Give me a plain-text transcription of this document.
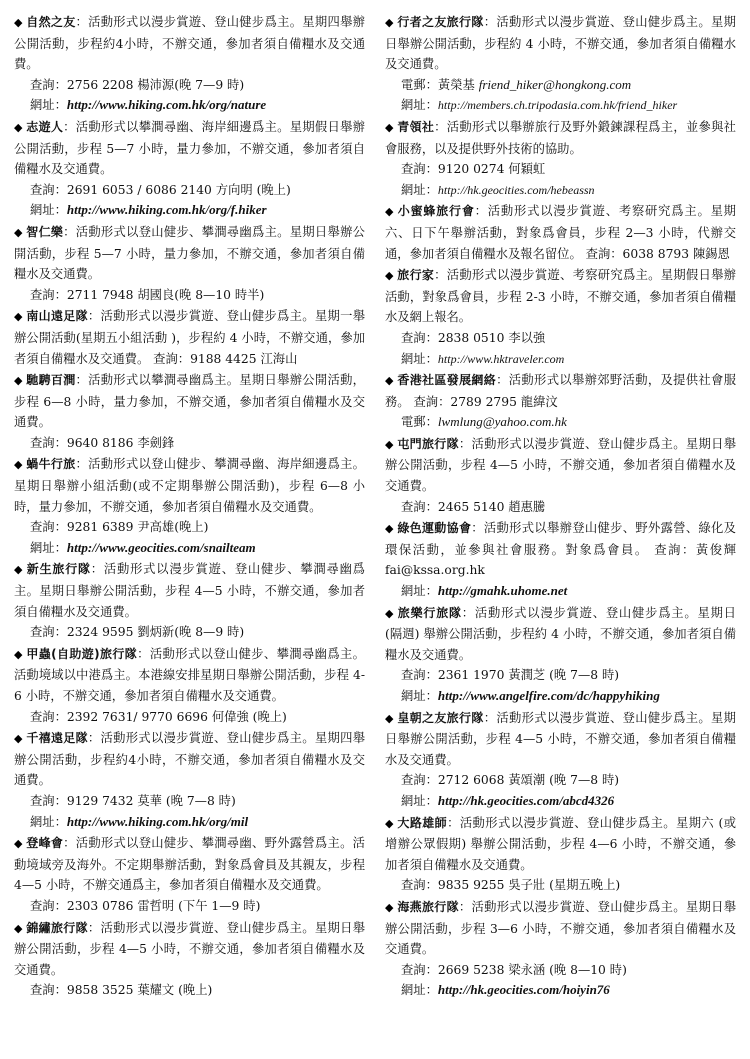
◆ 自然之友：活動形式以漫步賞遊、登山健步爲主。星期四舉辦公開活動，步程約4小時，不辦交通，參加者須自備糧水及交通費。
查詢：2756 2208 楊沛源(晚 7—9 時)
網址：http://www.hiking.com.hk/org/nature
◆ 志遊人：活動形式以攀澗尋幽、海岸細邊爲主。星期假日舉辦公開活動，步程 5—7 小時，量力參加，不辦交通，參加者須自備糧水及交通費。
查詢：2691 6053 / 6086 2140 方向明 (晚上)
網址：http://www.hiking.com.hk/org/f.hiker
◆ 智仁樂：活動形式以登山健步、攀澗尋幽爲主。星期日舉辦公開活動，步程 5—7 小時，量力參加，不辦交通，參加者須自備糧水及交通費。
查詢：2711 7948 胡國良(晚 8—10 時半)
◆ 南山遠足隊：活動形式以漫步賞遊、登山健步爲主。星期一舉辦公開活動(星期五小組活動 )，步程約 4 小時，不辦交通，參加者須自備糧水及交通費。 查詢：9188 4425 江海山
◆ 馳騁百澗：活動形式以攀澗尋幽爲主。星期日舉辦公開活動，步程 6—8 小時，量力參加，不辦交通，參加者須自備糧水及交通費。
查詢：9640 8186 李劍鋒
◆ 蝸牛行旅：活動形式以登山健步、攀澗尋幽、海岸細邊爲主。星期日舉辦小組活動(或不定期舉辦公開活動)，步程 6—8 小時，量力參加，不辦交通，參加者須自備糧水及交通費。
查詢：9281 6389 尹高雄(晚上)
網址：http://www.geocities.com/snailteam
◆ 新生旅行隊：活動形式以漫步賞遊、登山健步、攀澗尋幽爲主。星期日舉辦公開活動，步程 4—5 小時，不辦交通，參加者須自備糧水及交通費。
查詢：2324 9595 劉炳新(晚 8—9 時)
◆ 甲蟲(自助遊)旅行隊：活動形式以登山健步、攀澗尋幽爲主。活動境域以中港爲主。本港線安排星期日舉辦公開活動，步程 4-6 小時，不辦交通，參加者須自備糧水及交通費。
查詢：2392 7631/ 9770 6696 何偉強 (晚上)
◆ 千禧遠足隊：活動形式以漫步賞遊、登山健步爲主。星期四舉辦公開活動，步程約4小時，不辦交通，參加者須自備糧水及交通費。
查詢：9129 7432 莫華 (晚 7—8 時)
網址：http://www.hiking.com.hk/org/mil
◆ 登峰會：活動形式以登山健步、攀澗尋幽、野外露營爲主。活動境域旁及海外。不定期舉辦活動，對象爲會員及其親友，步程 4—5 小時，不辦交通爲主，參加者須自備糧水及交通費。
查詢：2303 0786 雷哲明 (下午 1—9 時)
◆ 錦繡旅行隊：活動形式以漫步賞遊、登山健步爲主。星期日舉辦公開活動，步程 4—5 小時，不辦交通，參加者須自備糧水及交通費。
查詢：9858 3525 葉耀文 (晚上)
◆ 行者之友旅行隊：活動形式以漫步賞遊、登山健步爲主。星期日舉辦公開活動，步程約 4 小時，不辦交通，參加者須自備糧水及交通費。
電郵：黃榮基 friend_hiker@hongkong.com
網址：http://members.ch.tripodasia.com.hk/friend_hiker
◆ 青領社：活動形式以舉辦旅行及野外鍛鍊課程爲主，並參與社會服務，以及提供野外技術的協助。
查詢：9120 0274 何穎虹
網址：http://hk.geocities.com/hebeassn
◆ 小蜜蜂旅行會：活動形式以漫步賞遊、考察研究爲主。星期六、日下午舉辦活動，對象爲會員，步程 2—3 小時，代辦交通，參加者須自備糧水及報名留位。 查詢：6038 8793 陳錫恩
◆ 旅行家：活動形式以漫步賞遊、考察研究爲主。星期假日舉辦活動，對象爲會員，步程 2-3 小時，不辦交通，參加者須自備糧水及網上報名。
查詢：2838 0510 李以強
網址：http://www.hktraveler.com
◆ 香港社區發展網絡：活動形式以舉辦郊野活動，及提供社會服務。 查詢：2789 2795 龍緯汶
電郵：lwmlung@yahoo.com.hk
◆ 屯門旅行隊：活動形式以漫步賞遊、登山健步爲主。星期日舉辦公開活動，步程 4—5 小時，不辦交通，參加者須自備糧水及交通費。
查詢：2465 5140 趙惠騰
◆ 綠色運動協會：活動形式以舉辦登山健步、野外露營、綠化及環保活動，並參與社會服務。對象爲會員。 查詢：黃俊輝 fai@kssa.org.hk
網址：http://gmahk.uhome.net
◆ 旅樂行旅隊：活動形式以漫步賞遊、登山健步爲主。星期日 (隔週) 舉辦公開活動，步程約 4 小時，不辦交通，參加者須自備糧水及交通費。
查詢：2361 1970 黃潤芝 (晚 7—8 時)
網址：http://www.angelfire.com/dc/happyhiking
◆ 皇朝之友旅行隊：活動形式以漫步賞遊、登山健步爲主。星期日舉辦公開活動，步程 4—5 小時，不辦交通，參加者須自備糧水及交通費。
查詢：2712 6068 黃頌潮 (晚 7—8 時)
網址：http://hk.geocities.com/abcd4326
◆ 大路雄師：活動形式以漫步賞遊、登山健步爲主。星期六 (或增辦公眾假期) 舉辦公開活動，步程 4—6 小時，不辦交通，參加者須自備糧水及交通費。
查詢：9835 9255 吳子壯 (星期五晚上)
◆ 海燕旅行隊：活動形式以漫步賞遊、登山健步爲主。星期日舉辦公開活動，步程 3—6 小時，不辦交通，參加者須自備糧水及交通費。
查詢：2669 5238 梁永涵 (晚 8—10 時)
網址：http://hk.geocities.com/hoiyin76
